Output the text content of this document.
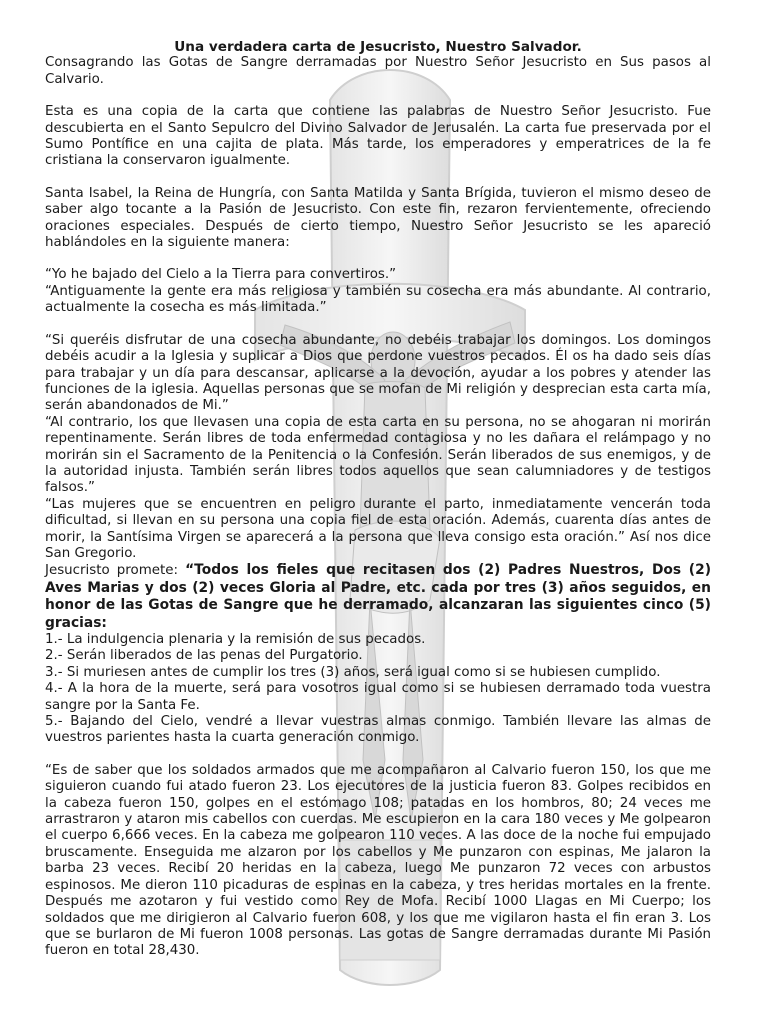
Una verdadera carta de Jesucristo, Nuestro Salvador.

Consagrando las Gotas de Sangre derramadas por Nuestro Señor Jesucristo en Sus pasos al Calvario.

Esta es una copia de la carta que contiene las palabras de Nuestro Señor Jesucristo. Fue descubierta en el Santo Sepulcro del Divino Salvador de Jerusalén. La carta fue preservada por el Sumo Pontífice en una cajita de plata. Más tarde, los emperadores y emperatrices de la fe cristiana la conservaron igualmente.

Santa Isabel, la Reina de Hungría, con Santa Matilda y Santa Brígida, tuvieron el mismo deseo de saber algo tocante a la Pasión de Jesucristo. Con este fin, rezaron fervientemente, ofreciendo oraciones especiales. Después de cierto tiempo, Nuestro Señor Jesucristo se les apareció hablándoles en la siguiente manera:

“Yo he bajado del Cielo a la Tierra para convertiros.”

“Antiguamente la gente era más religiosa y también su cosecha era más abundante. Al contrario, actualmente la cosecha es más limitada.”

“Si queréis disfrutar de una cosecha abundante, no debéis trabajar los domingos. Los domingos debéis acudir a la Iglesia y suplicar a Dios que perdone vuestros pecados. Él os ha dado seis días para trabajar y un día para descansar, aplicarse a la devoción, ayudar a los pobres y atender las funciones de la iglesia. Aquellas personas que se mofan de Mi religión y desprecian esta carta mía, serán abandonados de Mi.”

“Al contrario, los que llevasen una copia de esta carta en su persona, no se ahogaran ni morirán repentinamente. Serán libres de toda enfermedad contagiosa y no les dañara el relámpago y no morirán sin el Sacramento de la Penitencia o la Confesión. Serán liberados de sus enemigos, y de la autoridad injusta. También serán libres todos aquellos que sean calumniadores y de testigos falsos.”

“Las mujeres que se encuentren en peligro durante el parto, inmediatamente vencerán toda dificultad, si llevan en su persona una copia fiel de esta oración. Además, cuarenta días antes de morir, la Santísima Virgen se aparecerá a la persona que lleva consigo esta oración.” Así nos dice San Gregorio.

Jesucristo promete: “Todos los fieles que recitasen dos (2) Padres Nuestros, Dos (2) Aves Marias y dos (2) veces Gloria al Padre, etc. cada por tres (3) años seguidos, en honor de las Gotas de Sangre que he derramado, alcanzaran las siguientes cinco (5) gracias:

1.- La indulgencia plenaria y la remisión de sus pecados.

2.- Serán liberados de las penas del Purgatorio.

3.- Si muriesen antes de cumplir los tres (3) años, será igual como si se hubiesen cumplido.

4.- A la hora de la muerte, será para vosotros igual como si se hubiesen derramado toda vuestra sangre por la Santa Fe.

5.- Bajando del Cielo, vendré a llevar vuestras almas conmigo. También llevare las almas de vuestros parientes hasta la cuarta generación conmigo.

“Es de saber que los soldados armados que me acompañaron al Calvario fueron 150, los que me siguieron cuando fui atado fueron 23. Los ejecutores de la justicia fueron 83. Golpes recibidos en la cabeza fueron 150, golpes en el estómago 108; patadas en los hombros, 80; 24 veces me arrastraron y ataron mis cabellos con cuerdas. Me escupieron en la cara 180 veces y Me golpearon el cuerpo 6,666 veces. En la cabeza me golpearon 110 veces. A las doce de la noche fui empujado bruscamente. Enseguida me alzaron por los cabellos y Me punzaron con espinas, Me jalaron la barba 23 veces. Recibí 20 heridas en la cabeza, luego Me punzaron 72 veces con arbustos espinosos. Me dieron 110 picaduras de espinas en la cabeza, y tres heridas mortales en la frente. Después me azotaron y fui vestido como Rey de Mofa. Recibí 1000 Llagas en Mi Cuerpo; los soldados que me dirigieron al Calvario fueron 608, y los que me vigilaron hasta el fin eran 3. Los que se burlaron de Mi fueron 1008 personas. Las gotas de Sangre derramadas durante Mi Pasión fueron en total 28,430.
